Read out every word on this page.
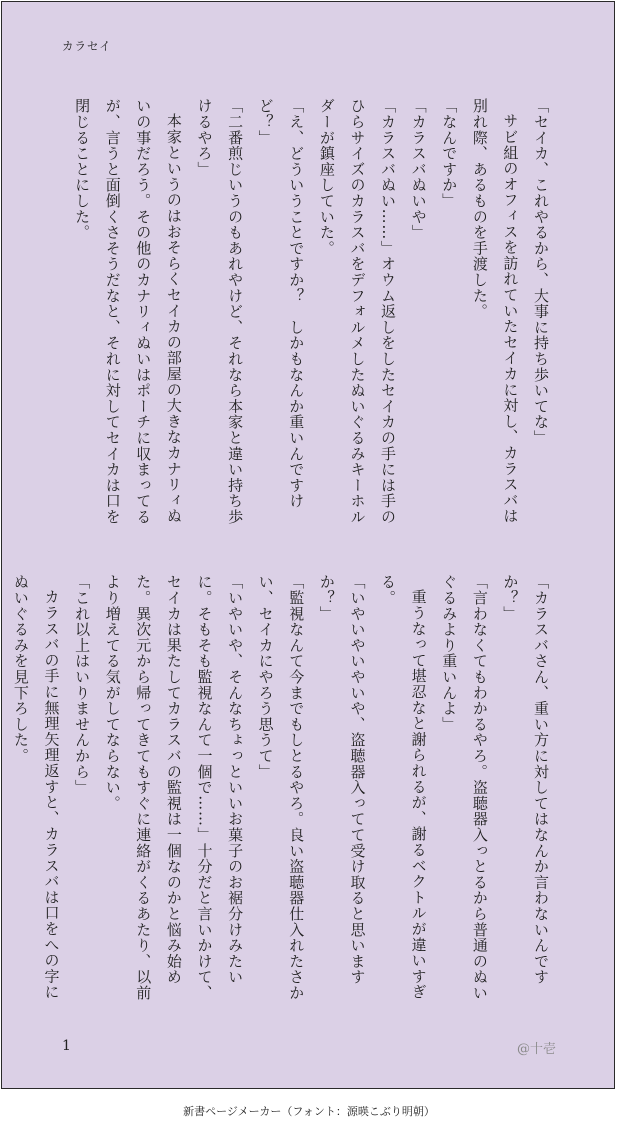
カラセイ

「セイカ、これやるから、大事に持ち歩いてな」

サビ組のオフィスを訪れていたセイカに対し、カラスバは別れ際、あるものを手渡した。

「なんですか」

「カラスバぬいや」

「カラスバぬい……」オウム返しをしたセイカの手には手のひらサイズのカラスバをデフォルメしたぬいぐるみキーホルダーが鎮座していた。

「え、どういうことですか？　しかもなんか重いんですけど？」

「二番煎じいうのもあれやけど、それなら本家と違い持ち歩けるやろ」

本家というのはおそらくセイカの部屋の大きなカナリィぬいの事だろう。その他のカナリィぬいはポーチに収まってるが、言うと面倒くさそうだなと、それに対してセイカは口を閉じることにした。

「カラスバさん、重い方に対してはなんか言わないんですか？」

「言わなくてもわかるやろ。盗聴器入っとるから普通のぬいぐるみより重いんよ」

重うなって堪忍なと謝られるが、謝るベクトルが違いすぎる。

「いやいやいやいや、盗聴器入ってて受け取ると思いますか？」

「監視なんて今までもしとるやろ。良い盗聴器仕入れたさかい、セイカにやろう思うて」

「いやいや、そんなちょっといいお菓子のお裾分けみたいに。そもそも監視なんて一個で……」十分だと言いかけて、セイカは果たしてカラスバの監視は一個なのかと悩み始めた。異次元から帰ってきてもすぐに連絡がくるあたり、以前より増えてる気がしてならない。

「これ以上はいりませんから」

カラスバの手に無理矢理返すと、カラスバは口をへの字にぬいぐるみを見下ろした。

1	@十壱
新書ページメーカー（フォント：源暎こぶり明朝）
